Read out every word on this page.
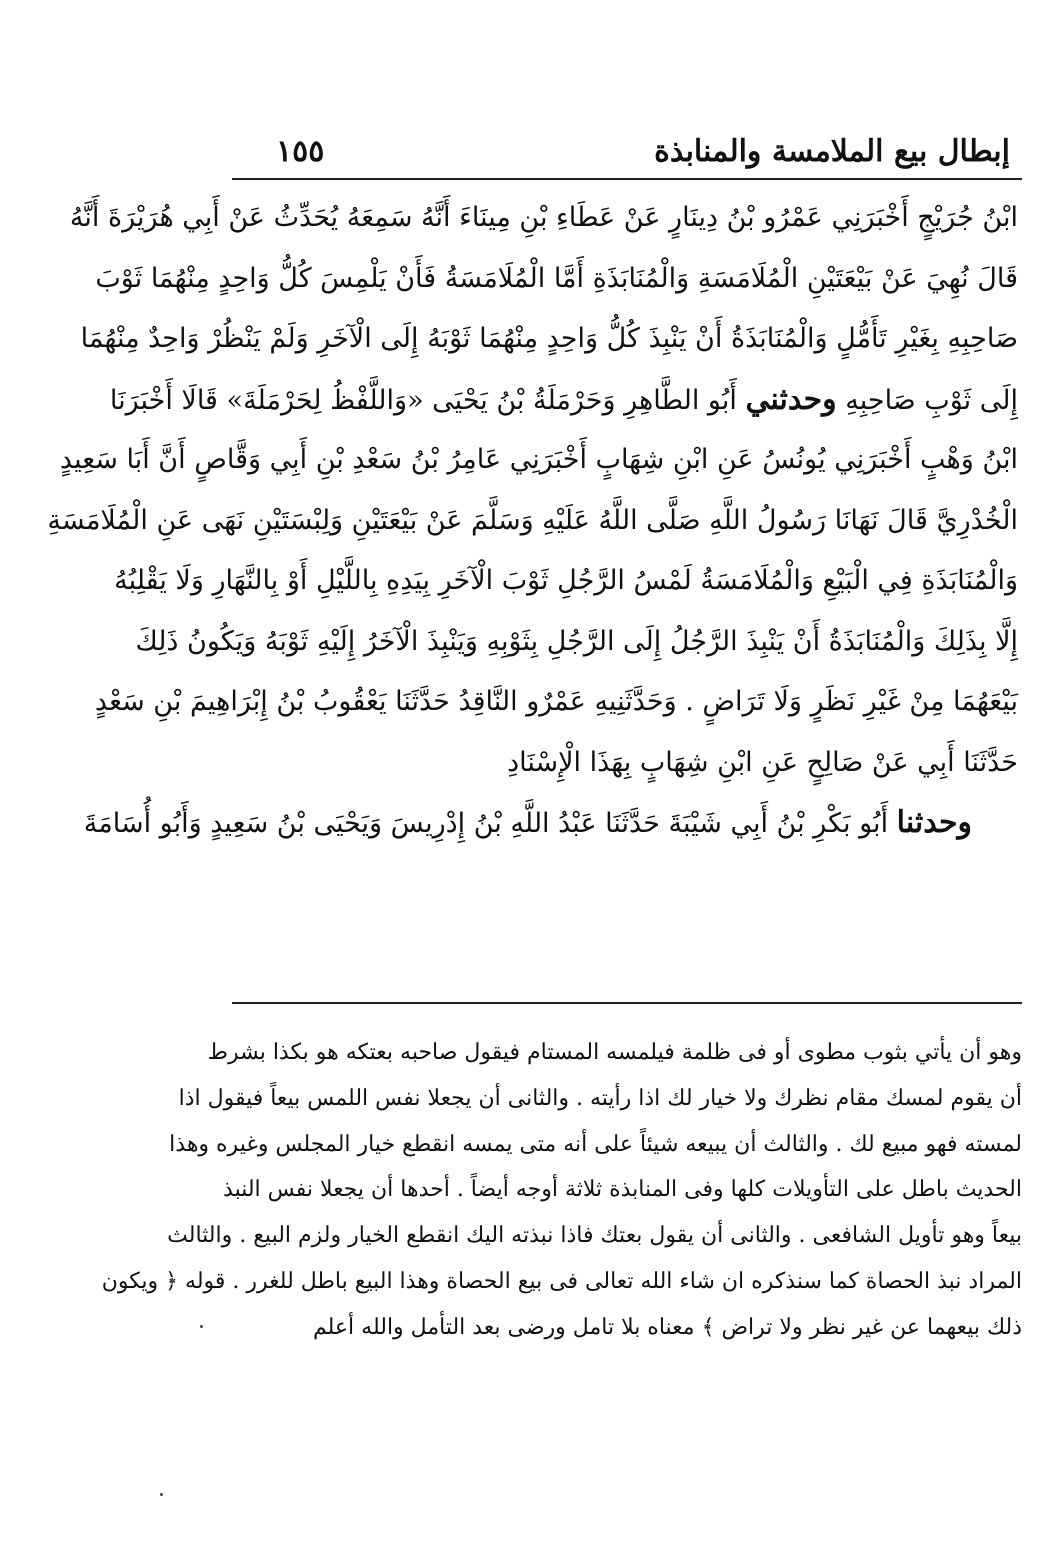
إبطال بيع الملامسة والمنابذة
١٥٥
ابْنُ جُرَيْجٍ أَخْبَرَنِي عَمْرُو بْنُ دِينَارٍ عَنْ عَطَاءِ بْنِ مِينَاءَ أَنَّهُ سَمِعَهُ يُحَدِّثُ عَنْ أَبِي هُرَيْرَةَ أَنَّهُ
قَالَ نُهِيَ عَنْ بَيْعَتَيْنِ الْمُلَامَسَةِ وَالْمُنَابَذَةِ أَمَّا الْمُلَامَسَةُ فَأَنْ يَلْمِسَ كُلُّ وَاحِدٍ مِنْهُمَا ثَوْبَ
صَاحِبِهِ بِغَيْرِ تَأَمُّلٍ وَالْمُنَابَذَةُ أَنْ يَنْبِذَ كُلُّ وَاحِدٍ مِنْهُمَا ثَوْبَهُ إِلَى الْآخَرِ وَلَمْ يَنْظُرْ وَاحِدٌ مِنْهُمَا
إِلَى ثَوْبِ صَاحِبِهِ وحدثني أَبُو الطَّاهِرِ وَحَرْمَلَةُ بْنُ يَحْيَى «وَاللَّفْظُ لِحَرْمَلَةَ» قَالَا أَخْبَرَنَا
ابْنُ وَهْبٍ أَخْبَرَنِي يُونُسُ عَنِ ابْنِ شِهَابٍ أَخْبَرَنِي عَامِرُ بْنُ سَعْدِ بْنِ أَبِي وَقَّاصٍ أَنَّ أَبَا سَعِيدٍ
الْخُدْرِيَّ قَالَ نَهَانَا رَسُولُ اللَّهِ صَلَّى اللَّهُ عَلَيْهِ وَسَلَّمَ عَنْ بَيْعَتَيْنِ وَلِبْسَتَيْنِ نَهَى عَنِ الْمُلَامَسَةِ
وَالْمُنَابَذَةِ فِي الْبَيْعِ وَالْمُلَامَسَةُ لَمْسُ الرَّجُلِ ثَوْبَ الْآخَرِ بِيَدِهِ بِاللَّيْلِ أَوْ بِالنَّهَارِ وَلَا يَقْلِبُهُ
إِلَّا بِذَلِكَ وَالْمُنَابَذَةُ أَنْ يَنْبِذَ الرَّجُلُ إِلَى الرَّجُلِ بِثَوْبِهِ وَيَنْبِذَ الْآخَرُ إِلَيْهِ ثَوْبَهُ وَيَكُونُ ذَلِكَ
بَيْعَهُمَا مِنْ غَيْرِ نَظَرٍ وَلَا تَرَاضٍ . وَحَدَّثَنِيهِ عَمْرٌو النَّاقِدُ حَدَّثَنَا يَعْقُوبُ بْنُ إِبْرَاهِيمَ بْنِ سَعْدٍ
حَدَّثَنَا أَبِي عَنْ صَالِحٍ عَنِ ابْنِ شِهَابٍ بِهَذَا الْإِسْنَادِ
وحدثنا أَبُو بَكْرِ بْنُ أَبِي شَيْبَةَ حَدَّثَنَا عَبْدُ اللَّهِ بْنُ إِدْرِيسَ وَيَحْيَى بْنُ سَعِيدٍ وَأَبُو أُسَامَةَ
وهو أن يأتي بثوب مطوى أو فى ظلمة فيلمسه المستام فيقول صاحبه بعتكه هو بكذا بشرط
أن يقوم لمسك مقام نظرك ولا خيار لك اذا رأيته . والثانى أن يجعلا نفس اللمس بيعاً فيقول اذا
لمسته فهو مبيع لك . والثالث أن يبيعه شيئاً على أنه متى يمسه انقطع خيار المجلس وغيره وهذا
الحديث باطل على التأويلات كلها وفى المنابذة ثلاثة أوجه أيضاً . أحدها أن يجعلا نفس النبذ
بيعاً وهو تأويل الشافعى . والثانى أن يقول بعتك فاذا نبذته اليك انقطع الخيار ولزم البيع . والثالث
المراد نبذ الحصاة كما سنذكره ان شاء الله تعالى فى بيع الحصاة وهذا البيع باطل للغرر . قوله ﴿ ويكون
ذلك بيعهما عن غير نظر ولا تراض ﴾ معناه بلا تامل ورضى بعد التأمل والله أعلم
